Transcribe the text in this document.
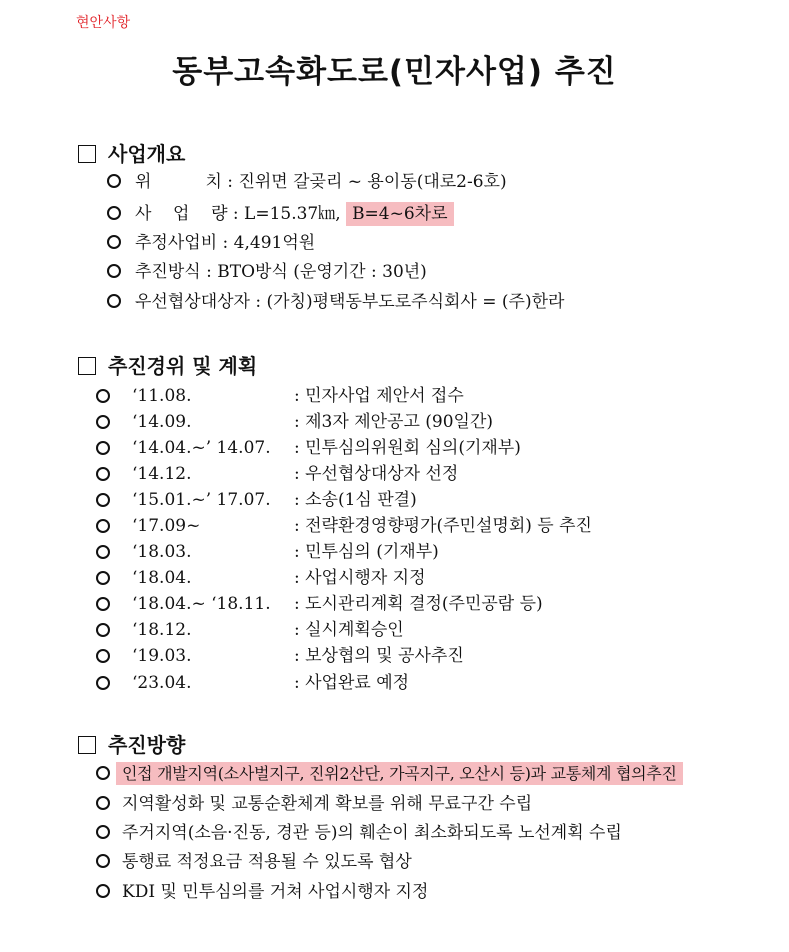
현안사항
동부고속화도로(민자사업) 추진
사업개요
위          치 : 진위면 갈곶리 ~ 용이동(대로2-6호)
사    업    량 : L=15.37㎞, B=4~6차로
추정사업비 : 4,491억원
추진방식 : BTO방식 (운영기간 : 30년)
우선협상대상자 : (가칭)평택동부도로주식회사 = (주)한라
추진경위 및 계획
‘11.08.	: 민자사업 제안서 접수
‘14.09.	: 제3자 제안공고 (90일간)
‘14.04.~’ 14.07. : 민투심의위원회 심의(기재부)
‘14.12.	: 우선협상대상자 선정
‘15.01.~’ 17.07. : 소송(1심 판결)
‘17.09~	: 전략환경영향평가(주민설명회) 등 추진
‘18.03.	: 민투심의 (기재부)
‘18.04.	: 사업시행자 지정
‘18.04.~ ‘18.11. : 도시관리계획 결정(주민공람 등)
‘18.12.	: 실시계획승인
‘19.03.	: 보상협의 및 공사추진
‘23.04.	: 사업완료 예정
추진방향
인접 개발지역(소사벌지구, 진위2산단, 가곡지구, 오산시 등)과 교통체계 협의추진
지역활성화 및 교통순환체계 확보를 위해 무료구간 수립
주거지역(소음·진동, 경관 등)의 훼손이 최소화되도록 노선계획 수립
통행료 적정요금 적용될 수 있도록 협상
KDI 및 민투심의를 거쳐 사업시행자 지정
